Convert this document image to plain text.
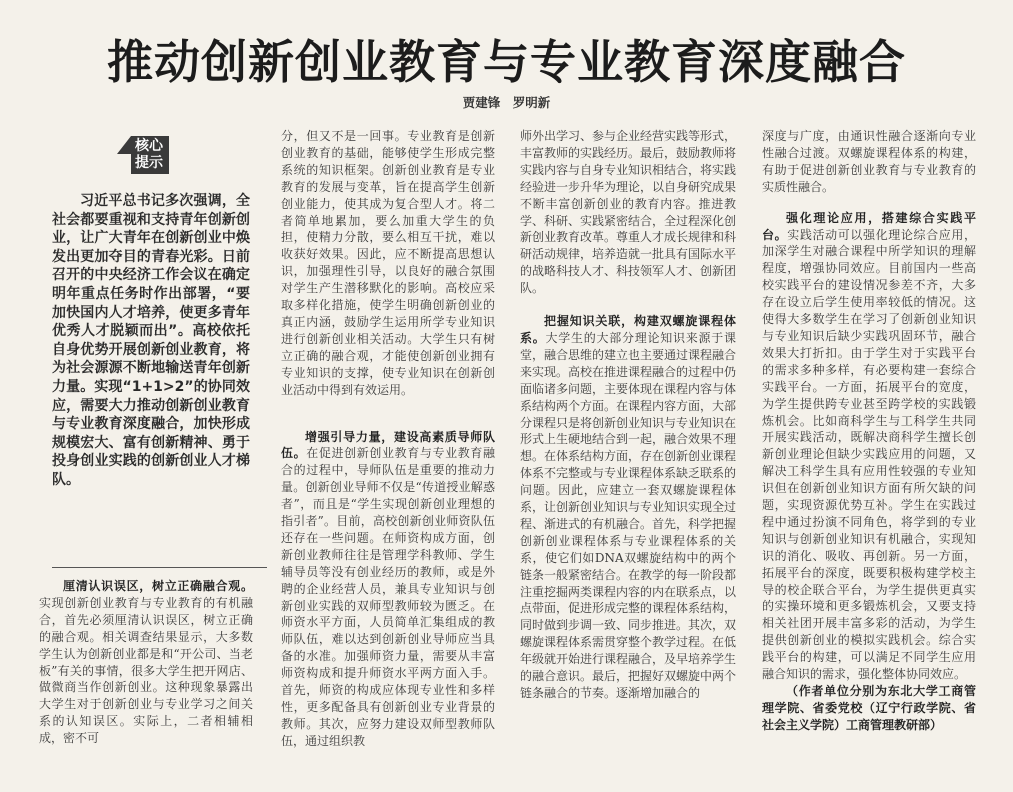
推动创新创业教育与专业教育深度融合
贾建锋　罗明新
核心提示

习近平总书记多次强调，全社会都要重视和支持青年创新创业，让广大青年在创新创业中焕发出更加夺目的青春光彩。日前召开的中央经济工作会议在确定明年重点任务时作出部署，“要加快国内人才培养，使更多青年优秀人才脱颖而出”。高校依托自身优势开展创新创业教育，将为社会源源不断地输送青年创新力量。实现“1+1>2”的协同效应，需要大力推动创新创业教育与专业教育深度融合，加快形成规模宏大、富有创新精神、勇于投身创业实践的创新创业人才梯队。

厘清认识误区，树立正确融合观。实现创新创业教育与专业教育的有机融合，首先必须厘清认识误区，树立正确的融合观。相关调查结果显示，大多数学生认为创新创业都是和“开公司、当老板”有关的事情，很多大学生把开网店、做微商当作创新创业。这种现象暴露出大学生对于创新创业与专业学习之间关系的认知误区。实际上，二者相辅相成，密不可

分，但又不是一回事。专业教育是创新创业教育的基础，能够使学生形成完整系统的知识框架。创新创业教育是专业教育的发展与变革，旨在提高学生创新创业能力，使其成为复合型人才。将二者简单地累加，要么加重大学生的负担，使精力分散，要么相互干扰，难以收获好效果。因此，应不断提高思想认识，加强理性引导，以良好的融合氛围对学生产生潜移默化的影响。高校应采取多样化措施，使学生明确创新创业的真正内涵，鼓励学生运用所学专业知识进行创新创业相关活动。大学生只有树立正确的融合观，才能使创新创业拥有专业知识的支撑，使专业知识在创新创业活动中得到有效运用。

增强引导力量，建设高素质导师队伍。在促进创新创业教育与专业教育融合的过程中，导师队伍是重要的推动力量。创新创业导师不仅是“传道授业解惑者”，而且是“学生实现创新创业理想的指引者”。目前，高校创新创业师资队伍还存在一些问题。在师资构成方面，创新创业教师往往是管理学科教师、学生辅导员等没有创业经历的教师，或是外聘的企业经营人员，兼具专业知识与创新创业实践的双师型教师较为匮乏。在师资水平方面，人员简单汇集组成的教师队伍，难以达到创新创业导师应当具备的水准。加强师资力量，需要从丰富师资构成和提升师资水平两方面入手。首先，师资的构成应体现专业性和多样性，更多配备具有创新创业专业背景的教师。其次，应努力建设双师型教师队伍，通过组织教

师外出学习、参与企业经营实践等形式，丰富教师的实践经历。最后，鼓励教师将实践内容与自身专业知识相结合，将实践经验进一步升华为理论，以自身研究成果不断丰富创新创业的教育内容。推进教学、科研、实践紧密结合，全过程深化创新创业教育改革。尊重人才成长规律和科研活动规律，培养造就一批具有国际水平的战略科技人才、科技领军人才、创新团队。

把握知识关联，构建双螺旋课程体系。大学生的大部分理论知识来源于课堂，融合思维的建立也主要通过课程融合来实现。高校在推进课程融合的过程中仍面临诸多问题，主要体现在课程内容与体系结构两个方面。在课程内容方面，大部分课程只是将创新创业知识与专业知识在形式上生硬地结合到一起，融合效果不理想。在体系结构方面，存在创新创业课程体系不完整或与专业课程体系缺乏联系的问题。因此，应建立一套双螺旋课程体系，让创新创业知识与专业知识实现全过程、渐进式的有机融合。首先，科学把握创新创业课程体系与专业课程体系的关系，使它们如DNA双螺旋结构中的两个链条一般紧密结合。在教学的每一阶段都注重挖掘两类课程内容的内在联系点，以点带面，促进形成完整的课程体系结构，同时做到步调一致、同步推进。其次，双螺旋课程体系需贯穿整个教学过程。在低年级就开始进行课程融合，及早培养学生的融合意识。最后，把握好双螺旋中两个链条融合的节奏。逐渐增加融合的

深度与广度，由通识性融合逐渐向专业性融合过渡。双螺旋课程体系的构建，有助于促进创新创业教育与专业教育的实质性融合。

强化理论应用，搭建综合实践平台。实践活动可以强化理论综合应用，加深学生对融合课程中所学知识的理解程度，增强协同效应。目前国内一些高校实践平台的建设情况参差不齐，大多存在设立后学生使用率较低的情况。这使得大多数学生在学习了创新创业知识与专业知识后缺少实践巩固环节，融合效果大打折扣。由于学生对于实践平台的需求多种多样，有必要构建一套综合实践平台。一方面，拓展平台的宽度，为学生提供跨专业甚至跨学校的实践锻炼机会。比如商科学生与工科学生共同开展实践活动，既解决商科学生擅长创新创业理论但缺少实践应用的问题，又解决工科学生具有应用性较强的专业知识但在创新创业知识方面有所欠缺的问题，实现资源优势互补。学生在实践过程中通过扮演不同角色，将学到的专业知识与创新创业知识有机融合，实现知识的消化、吸收、再创新。另一方面，拓展平台的深度，既要积极构建学校主导的校企联合平台，为学生提供更真实的实操环境和更多锻炼机会，又要支持相关社团开展丰富多彩的活动，为学生提供创新创业的模拟实践机会。综合实践平台的构建，可以满足不同学生应用融合知识的需求，强化整体协同效应。

（作者单位分别为东北大学工商管理学院、省委党校（辽宁行政学院、省社会主义学院）工商管理教研部）
